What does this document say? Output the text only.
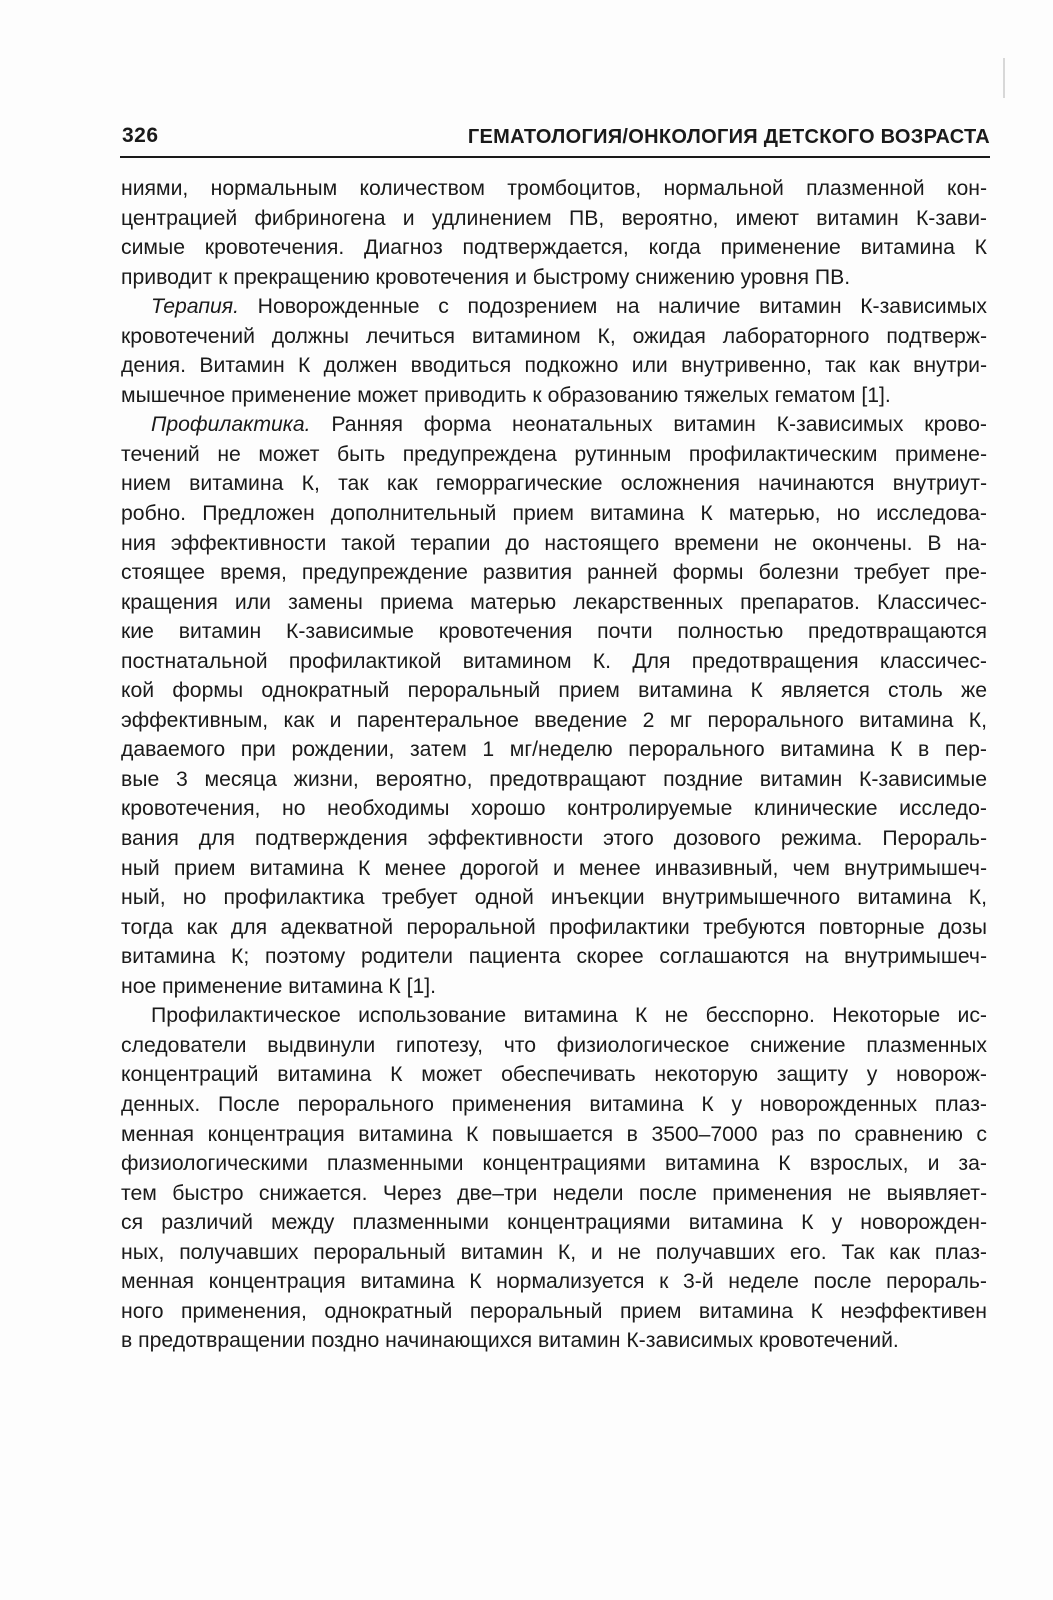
326	ГЕМАТОЛОГИЯ/ОНКОЛОГИЯ ДЕТСКОГО ВОЗРАСТА
ниями, нормальным количеством тромбоцитов, нормальной плазменной кон-
центрацией фибриногена и удлинением ПВ, вероятно, имеют витамин К-зави-
симые кровотечения. Диагноз подтверждается, когда применение витамина К
приводит к прекращению кровотечения и быстрому снижению уровня ПВ.
Терапия. Новорожденные с подозрением на наличие витамин К-зависимых
кровотечений должны лечиться витамином К, ожидая лабораторного подтверж-
дения. Витамин К должен вводиться подкожно или внутривенно, так как внутри-
мышечное применение может приводить к образованию тяжелых гематом [1].
Профилактика. Ранняя форма неонатальных витамин К-зависимых крово-
течений не может быть предупреждена рутинным профилактическим примене-
нием витамина К, так как геморрагические осложнения начинаются внутриут-
робно. Предложен дополнительный прием витамина К матерью, но исследова-
ния эффективности такой терапии до настоящего времени не окончены. В на-
стоящее время, предупреждение развития ранней формы болезни требует пре-
кращения или замены приема матерью лекарственных препаратов. Классичес-
кие витамин К-зависимые кровотечения почти полностью предотвращаются
постнатальной профилактикой витамином К. Для предотвращения классичес-
кой формы однократный пероральный прием витамина К является столь же
эффективным, как и парентеральное введение 2 мг перорального витамина К,
даваемого при рождении, затем 1 мг/неделю перорального витамина К в пер-
вые 3 месяца жизни, вероятно, предотвращают поздние витамин К-зависимые
кровотечения, но необходимы хорошо контролируемые клинические исследо-
вания для подтверждения эффективности этого дозового режима. Перораль-
ный прием витамина К менее дорогой и менее инвазивный, чем внутримышеч-
ный, но профилактика требует одной инъекции внутримышечного витамина К,
тогда как для адекватной пероральной профилактики требуются повторные дозы
витамина К; поэтому родители пациента скорее соглашаются на внутримышеч-
ное применение витамина К [1].
Профилактическое использование витамина К не бесспорно. Некоторые ис-
следователи выдвинули гипотезу, что физиологическое снижение плазменных
концентраций витамина К может обеспечивать некоторую защиту у новорож-
денных. После перорального применения витамина К у новорожденных плаз-
менная концентрация витамина К повышается в 3500–7000 раз по сравнению с
физиологическими плазменными концентрациями витамина К взрослых, и за-
тем быстро снижается. Через две–три недели после применения не выявляет-
ся различий между плазменными концентрациями витамина К у новорожден-
ных, получавших пероральный витамин К, и не получавших его. Так как плаз-
менная концентрация витамина К нормализуется к 3-й неделе после перораль-
ного применения, однократный пероральный прием витамина К неэффективен
в предотвращении поздно начинающихся витамин К-зависимых кровотечений.
